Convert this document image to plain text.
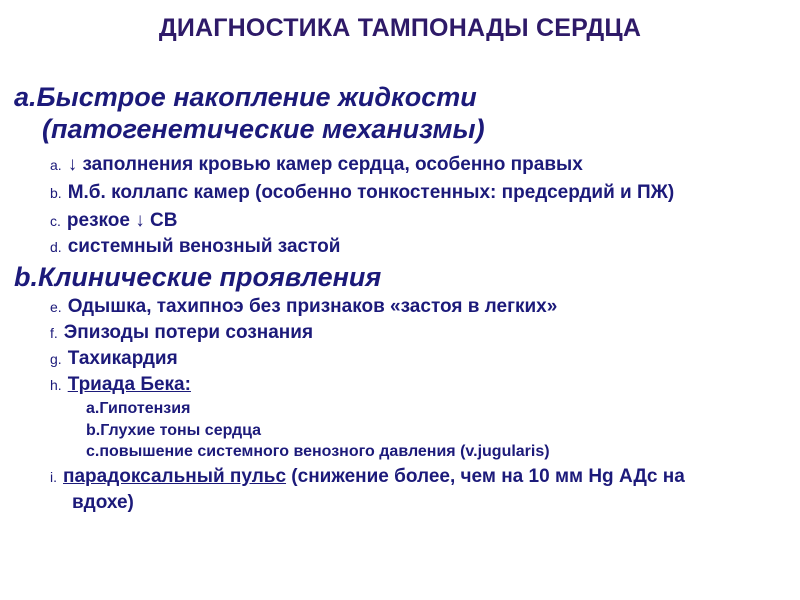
ДИАГНОСТИКА ТАМПОНАДЫ СЕРДЦА
a.Быстрое накопление жидкости
(патогенетические механизмы)
a. ↓ заполнения кровью камер сердца, особенно правых
b. М.б. коллапс камер (особенно тонкостенных: предсердий и ПЖ)
c. резкое ↓ СВ
d. системный венозный застой
b.Клинические проявления
e. Одышка, тахипноэ без признаков «застоя в легких»
f. Эпизоды потери сознания
g. Тахикардия
h. Триада Бека:
a.Гипотензия
b.Глухие тоны сердца
c.повышение системного венозного давления (v.jugularis)
i. парадоксальный пульс (снижение более, чем на 10 мм Hg АДс на
вдохе)
